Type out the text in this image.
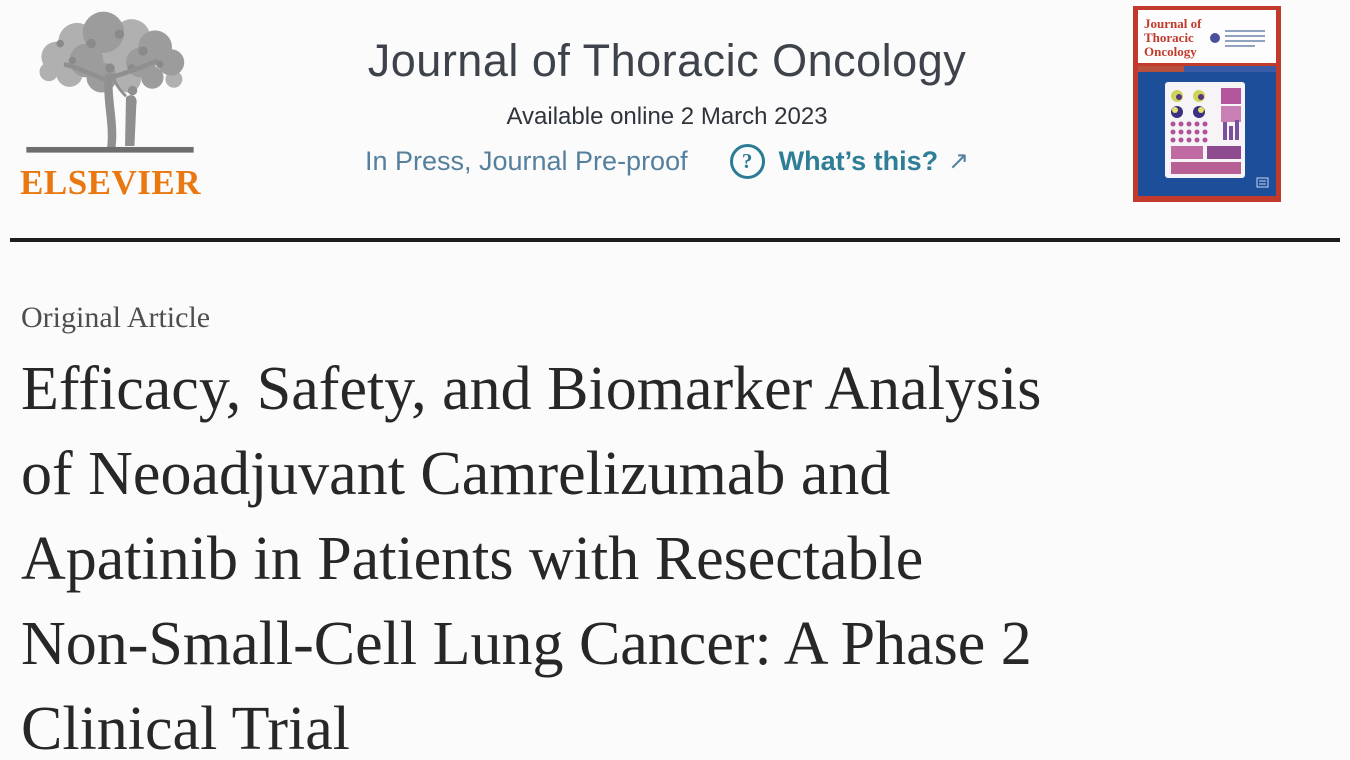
ELSEVIER
Journal of Thoracic Oncology
Available online 2 March 2023
In Press, Journal Pre-proof	? What’s this? ↗
Journal of
Thoracic
Oncology
Original Article
Efficacy, Safety, and Biomarker Analysis
of Neoadjuvant Camrelizumab and
Apatinib in Patients with Resectable
Non-Small-Cell Lung Cancer: A Phase 2
Clinical Trial
